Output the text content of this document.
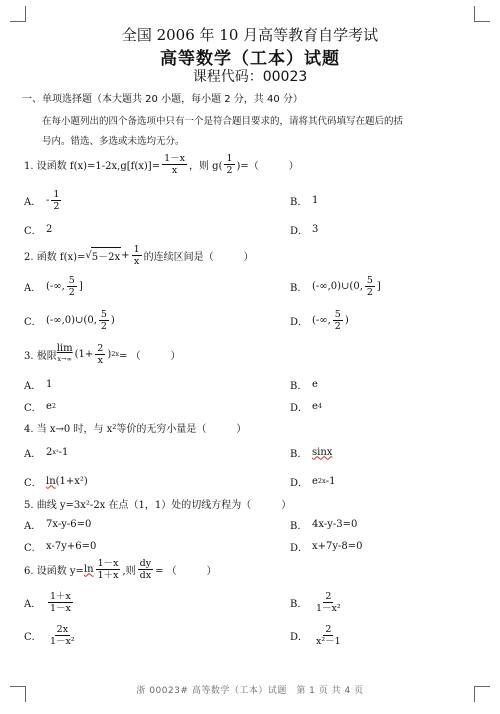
全国 2006 年 10 月高等教育自学考试
高等数学（工本）试题
课程代码：00023
一、单项选择题（本大题共 20 小题，每小题 2 分，共 40 分）
在每小题列出的四个备选项中只有一个是符合题目要求的，请将其代码填写在题后的括
号内。错选、多选或未选均无分。
1. 设函数 $f(x)=1-2x,g[f(x)]= \frac{1-x}{x}$ ，则 $g( \frac{1}{2}$ )=（　　　）
A． - $\frac{1}{2}$	B． 1
C． 2	D． 3
2. 函数 f(x)= √ $5-2x + \frac{1}{x}$ 的连续区间是（　　　）
A． (-∞, $\frac{5}{2}$ ]	B． (-∞,0)∪(0, $\frac{5}{2}$ ]
C． (-∞,0)∪(0, $\frac{5}{2}$ )	D． (-∞, $\frac{5}{2}$ )
3. 极限
lim
x→∞ ($1+ \frac{2}{x}$ ) 2x = （　　　）
A． 1	B． e
C． e 2	D． e 4
4. 当 x→0 时，与 x 2 等价的无穷小量是（　　　）
A． 2 x² -1	B． sinx
C． ln (1+x²)	D． e 2x -1
5. 曲线 y=3x²-2x 在点（1，1）处的切线方程为（　　　）
A． 7x-y-6=0	B． 4x-y-3=0
C． x-7y+6=0	D． x+7y-8=0
6. 设函数 $y= \ln \frac{1-x}{1+x}$ ,则 $\frac{dy}{dx}$ = （　　　）
A． $\frac{1+x}{1-x}$	B． $\frac{2}{\text{1－x²}}$
C． $\frac{2x}{\text{1－x²}}$	D． $\frac{2}{\text{x²－1}}$
浙 00023# 高等数学（工本）试题　第 1 页 共 4 页
